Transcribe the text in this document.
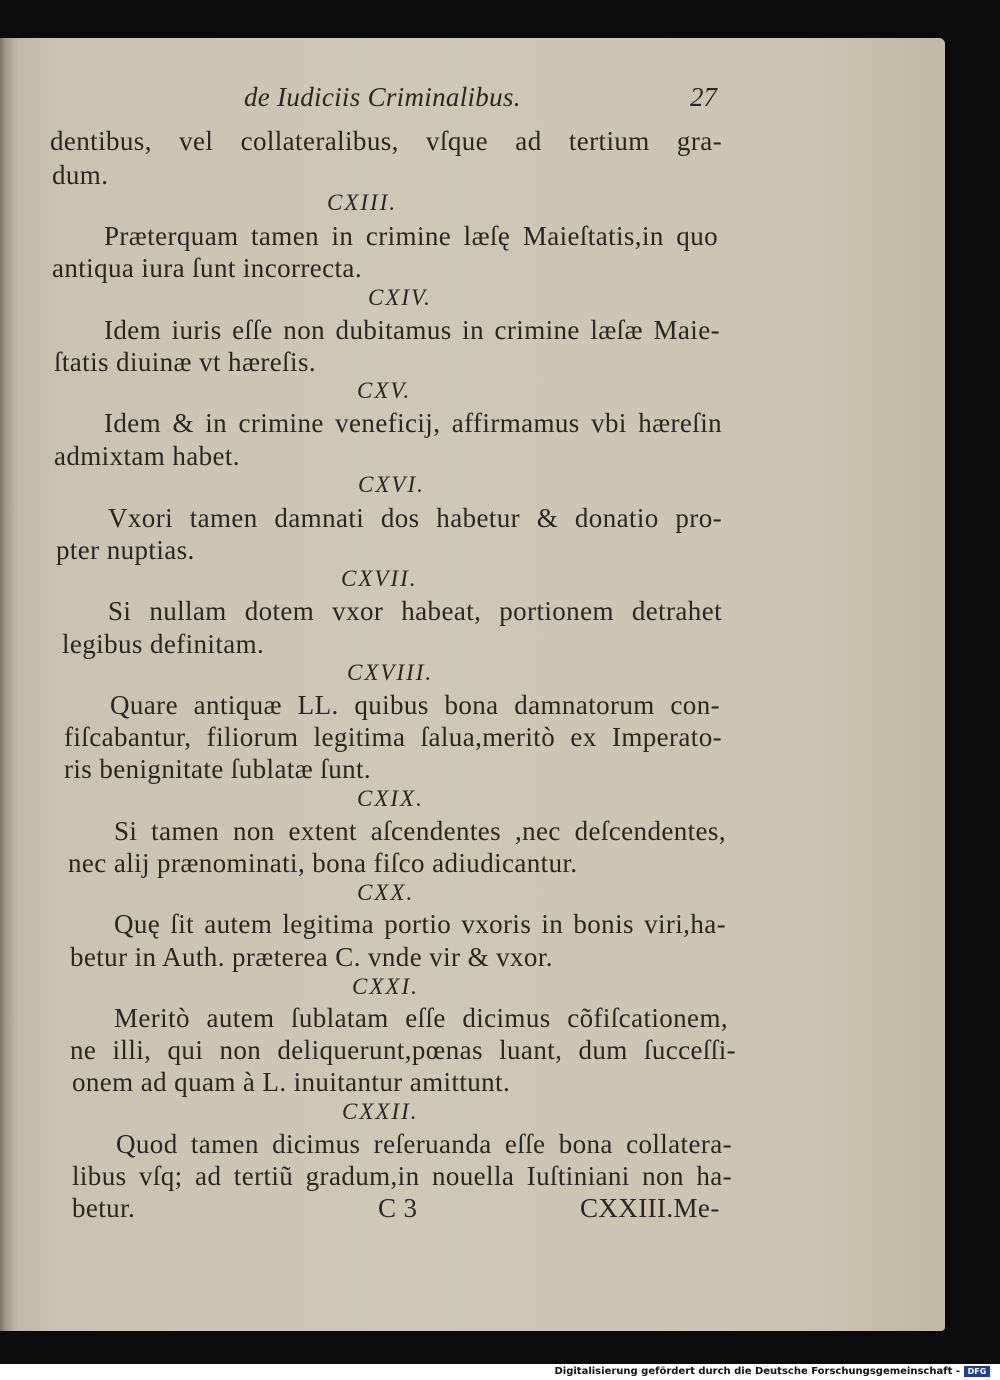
de Iudiciis Criminalibus.	27
dentibus, vel collateralibus, vſque ad tertium gra-
dum.
CXIII.
Præterquam tamen in crimine læſę Maieſtatis,in quo
antiqua iura ſunt incorrecta.
CXIV.
Idem iuris eſſe non dubitamus in crimine læſæ Maie-
ſtatis diuinæ vt hæreſis.
CXV.
Idem & in crimine veneficij, affirmamus vbi hæreſin
admixtam habet.
CXVI.
Vxori tamen damnati dos habetur & donatio pro-
pter nuptias.
CXVII.
Si nullam dotem vxor habeat, portionem detrahet
legibus definitam.
CXVIII.
Quare antiquæ LL. quibus bona damnatorum con-
fiſcabantur, filiorum legitima ſalua,meritò ex Imperato-
ris benignitate ſublatæ ſunt.
CXIX.
Si tamen non extent aſcendentes ,nec deſcendentes,
nec alij prænominati, bona fiſco adiudicantur.
CXX.
Quę ſit autem legitima portio vxoris in bonis viri,ha-
betur in Auth. præterea C. vnde vir & vxor.
CXXI.
Meritò autem ſublatam eſſe dicimus cõfiſcationem,
ne illi, qui non deliquerunt,pœnas luant, dum ſucceſſi-
onem ad quam à L. inuitantur amittunt.
CXXII.
Quod tamen dicimus reſeruanda eſſe bona collatera-
libus vſq; ad tertiũ gradum,in nouella Iuſtiniani non ha-
betur.	C 3	CXXIII.Me-
Digitalisierung gefördert durch die Deutsche Forschungsgemeinschaft - DFG
